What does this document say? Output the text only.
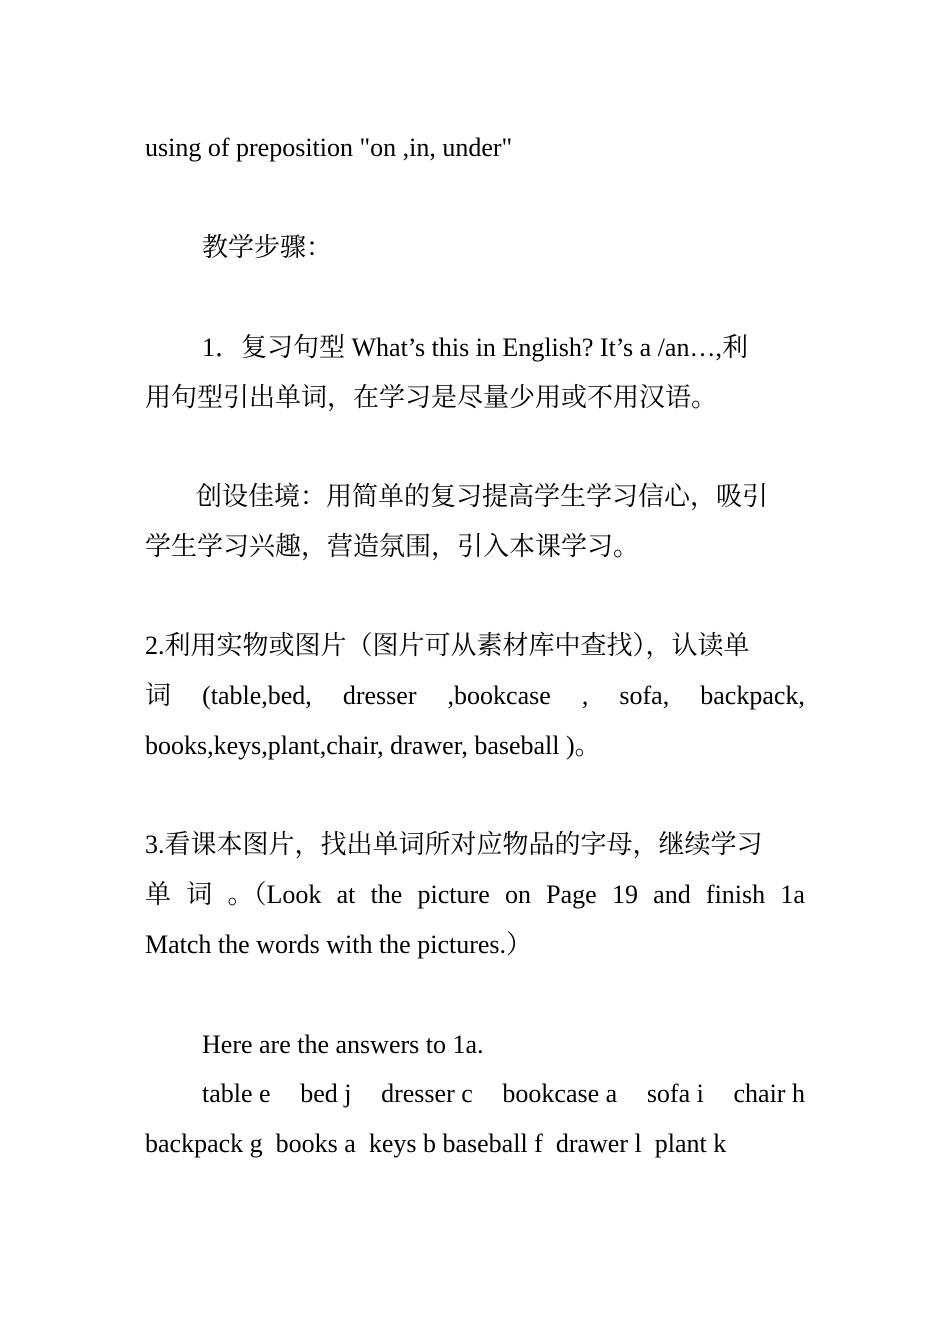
using of preposition "on ,in, under"
教学步骤：
1．复习句型 What’s this in English? It’s a /an…,利
用句型引出单词，在学习是尽量少用或不用汉语。
创设佳境：用简单的复习提高学生学习信心，吸引
学生学习兴趣，营造氛围，引入本课学习。
2.利用实物或图片（图片可从素材库中查找），认读单
词 (table,bed, dresser ,bookcase , sofa, backpack,
books,keys,plant,chair, drawer, baseball )。
3.看课本图片，找出单词所对应物品的字母，继续学习
单 词 。（Look at the picture on Page 19 and finish 1a
Match the words with the pictures.）
Here are the answers to 1a.
table e bed j dresser c bookcase a sofa i chair h
backpack g  books a  keys b baseball f  drawer l  plant k
